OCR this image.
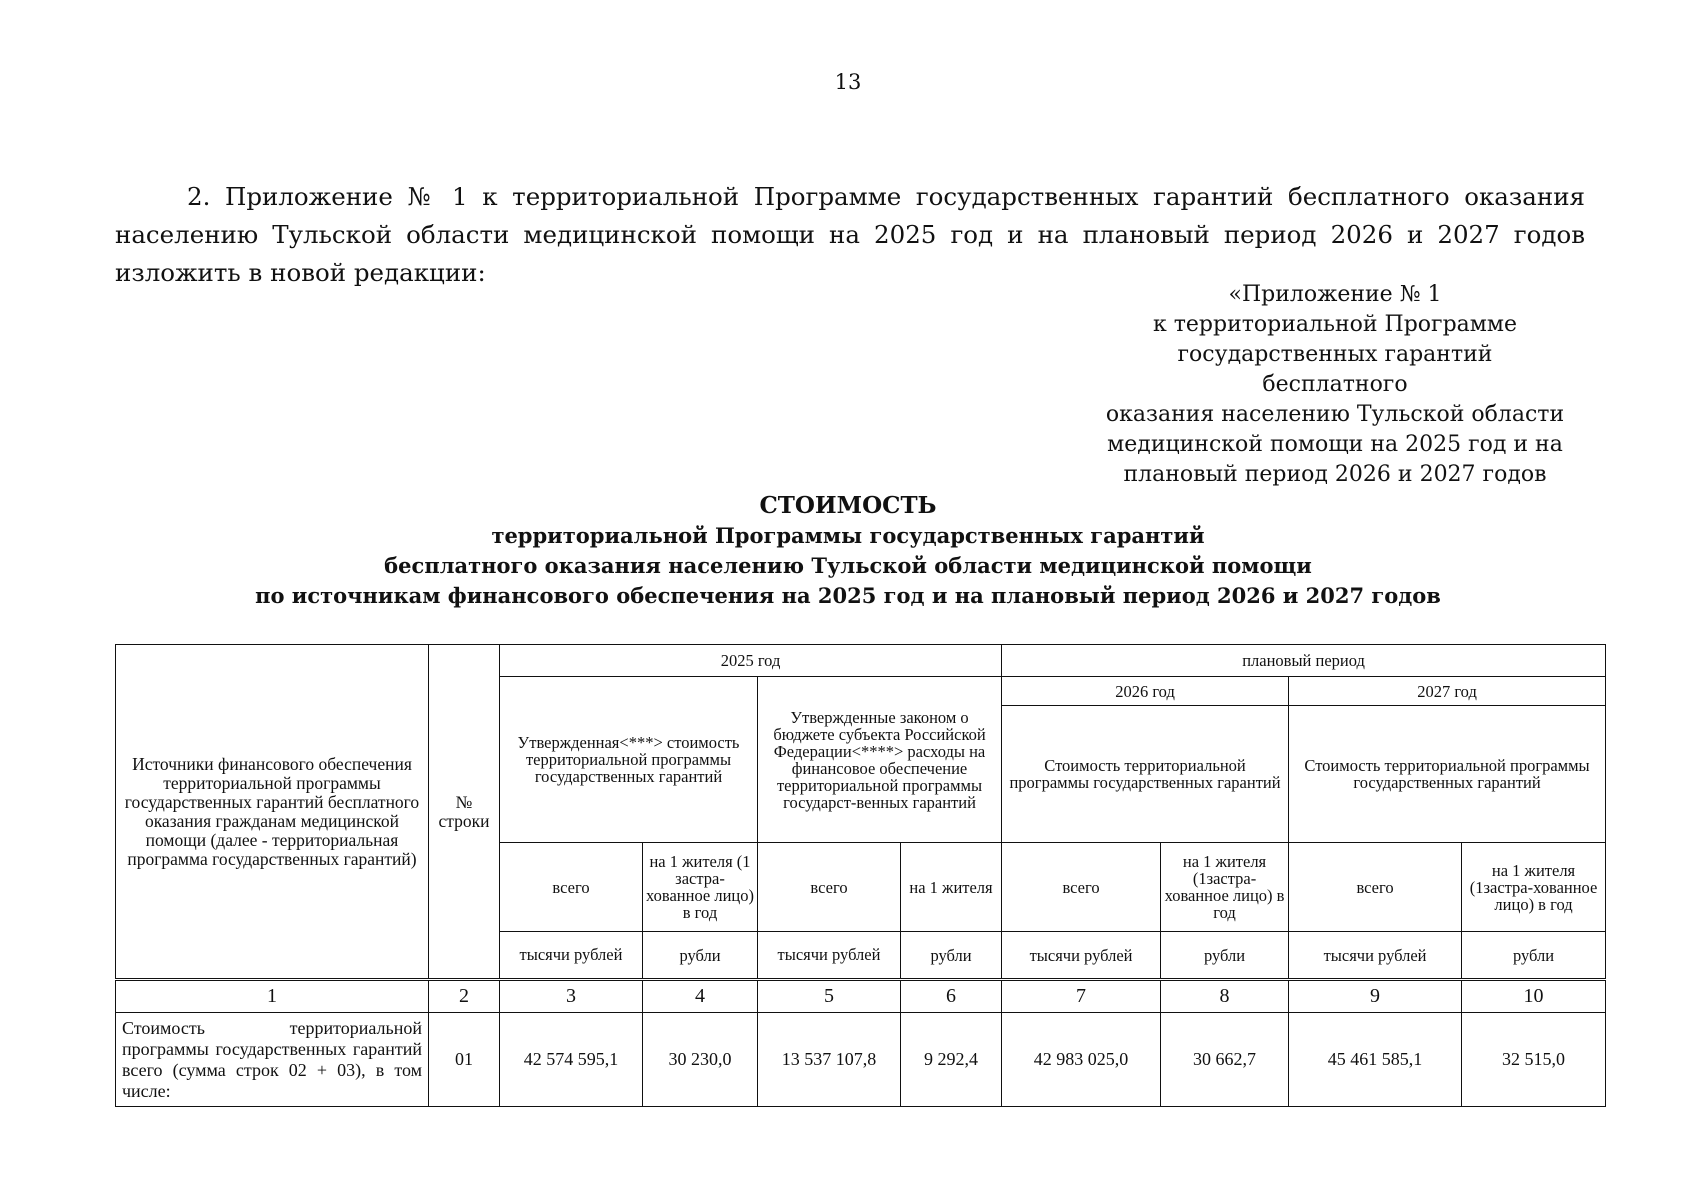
13

2. Приложение № 1 к территориальной Программе государственных гарантий бесплатного оказания населению Тульской области медицинской помощи на 2025 год и на плановый период 2026 и 2027 годов изложить в новой редакции:

«Приложение № 1
к территориальной Программе
государственных гарантий бесплатного
оказания населению Тульской области
медицинской помощи на 2025 год и на
плановый период 2026 и 2027 годов
СТОИМОСТЬ
территориальной Программы государственных гарантий
бесплатного оказания населению Тульской области медицинской помощи
по источникам финансового обеспечения на 2025 год и на плановый период 2026 и 2027 годов
Источники финансового обеспечения территориальной программы государственных гарантий бесплатного оказания гражданам медицинской помощи (далее - территориальная программа государственных гарантий)	№ строки	2025 год				плановый период			
		Утвержденная<***> стоимость территориальной программы государственных гарантий		Утвержденные законом о бюджете субъекта Российской Федерации<****> расходы на финансовое обеспечение территориальной программы государст-венных гарантий		2026 год		2027 год	
						Стоимость территориальной программы государственных гарантий		Стоимость территориальной программы государственных гарантий	
		всего	на 1 жителя (1 застра-хованное лицо) в год	всего	на 1 жителя	всего	на 1 жителя (1застра-хованное лицо) в год	всего	на 1 жителя (1застра-хованное лицо) в год
		тысячи рублей	рубли	тысячи рублей	рубли	тысячи рублей	рубли	тысячи рублей	рубли
1	2	3	4	5	6	7	8	9	10
Стоимость территориальной программы государственных гарантий всего (сумма строк 02 + 03), в том числе:	01	42 574 595,1	30 230,0	13 537 107,8	9 292,4	42 983 025,0	30 662,7	45 461 585,1	32 515,0
